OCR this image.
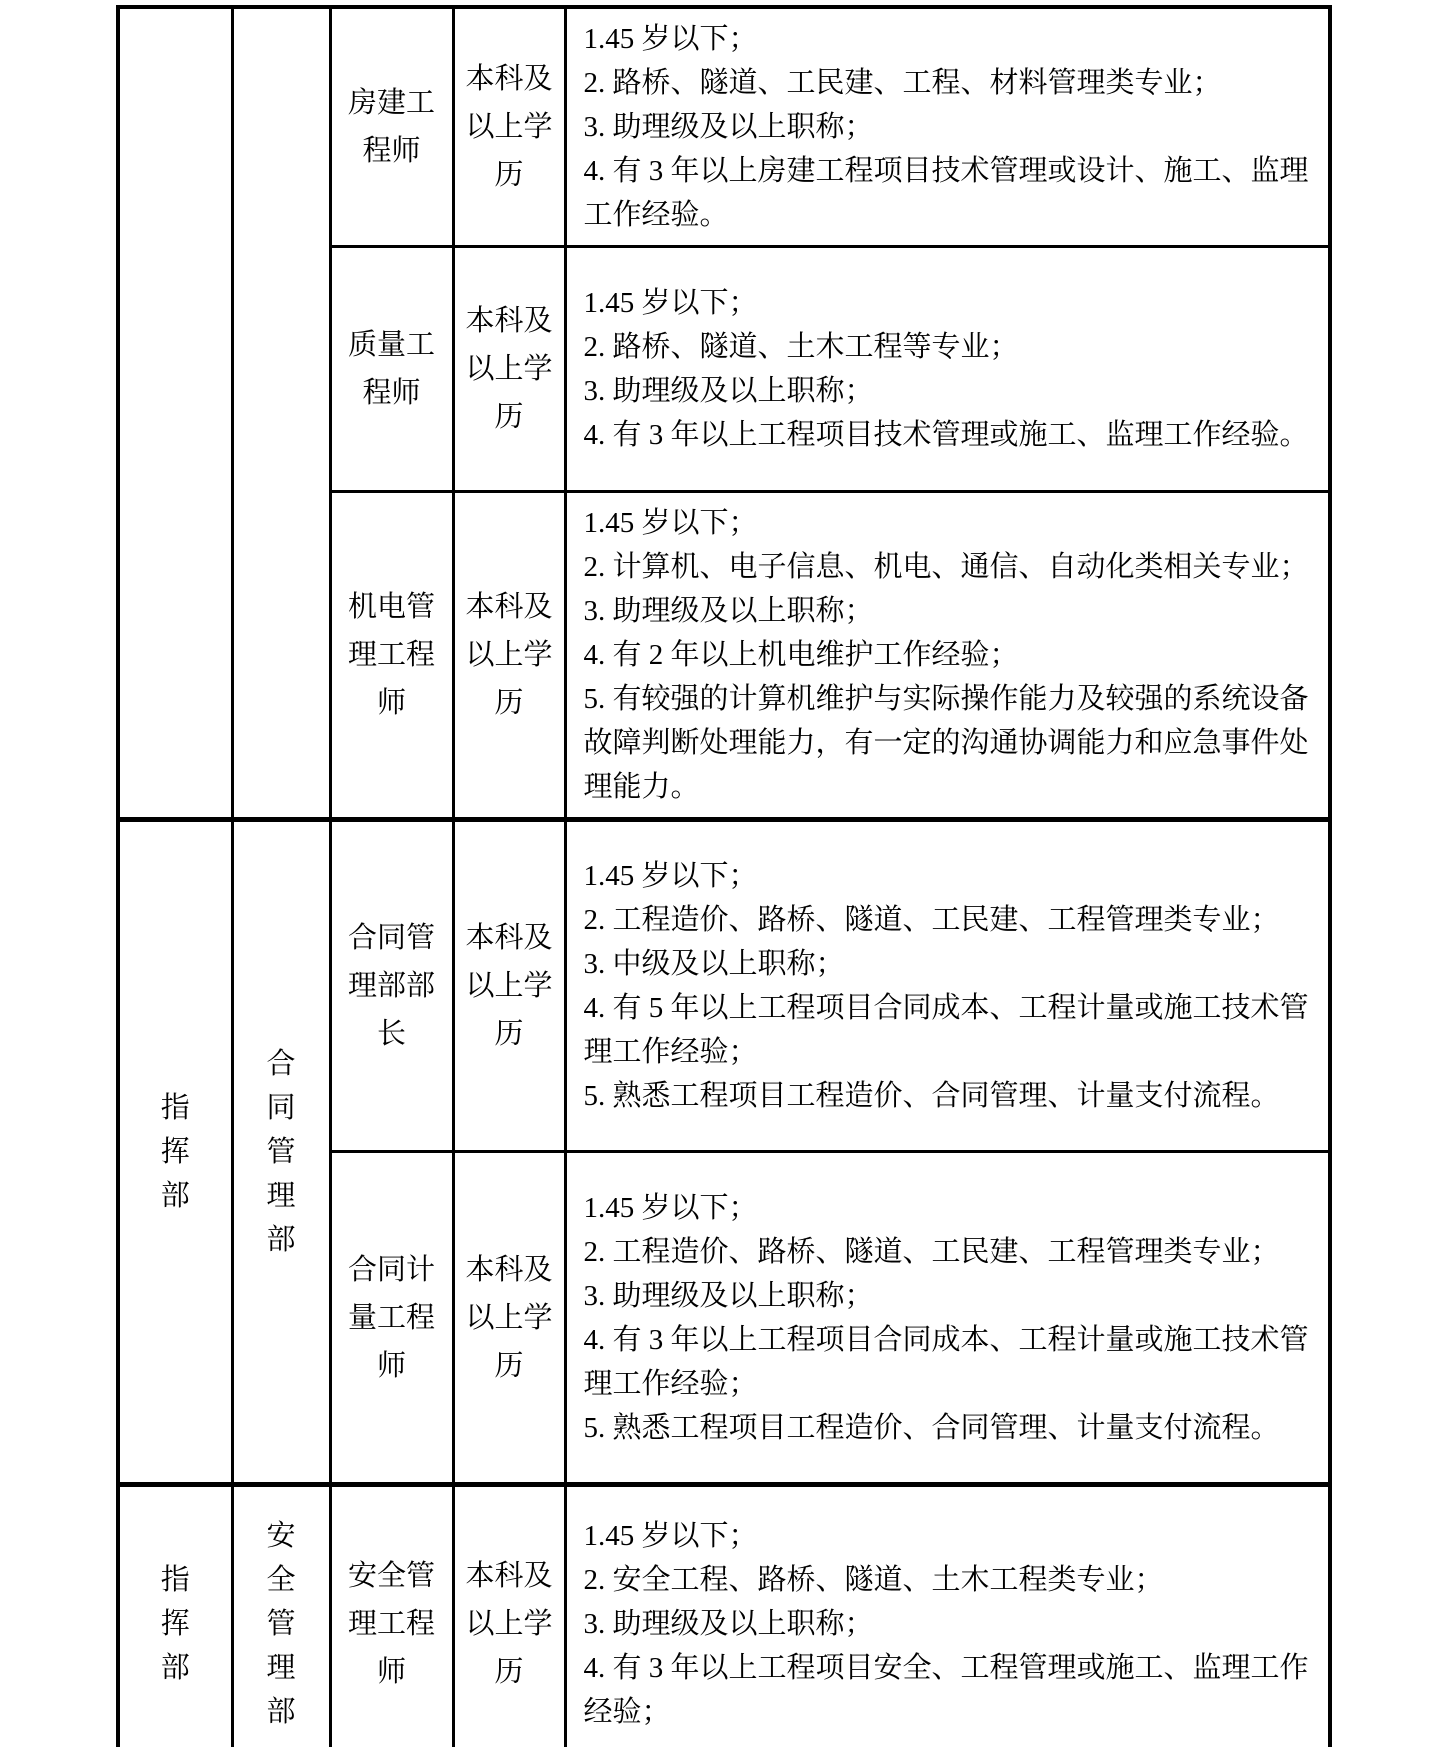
		房建工程师	本科及以上学历	1.45 岁以下；
2. 路桥、隧道、工民建、工程、材料管理类专业；
3. 助理级及以上职称；
4. 有 3 年以上房建工程项目技术管理或设计、施工、监理工作经验。

		质量工程师	本科及以上学历	1.45 岁以下；
2. 路桥、隧道、土木工程等专业；
3. 助理级及以上职称；
4. 有 3 年以上工程项目技术管理或施工、监理工作经验。

		机电管理工程师	本科及以上学历	1.45 岁以下；
2. 计算机、电子信息、机电、通信、自动化类相关专业；
3. 助理级及以上职称；
4. 有 2 年以上机电维护工作经验；
5. 有较强的计算机维护与实际操作能力及较强的系统设备故障判断处理能力，有一定的沟通协调能力和应急事件处理能力。

指挥部	合同管理部	合同管理部部长	本科及以上学历	1.45 岁以下；
2. 工程造价、路桥、隧道、工民建、工程管理类专业；
3. 中级及以上职称；
4. 有 5 年以上工程项目合同成本、工程计量或施工技术管理工作经验；
5. 熟悉工程项目工程造价、合同管理、计量支付流程。

		合同计量工程师	本科及以上学历	1.45 岁以下；
2. 工程造价、路桥、隧道、工民建、工程管理类专业；
3. 助理级及以上职称；
4. 有 3 年以上工程项目合同成本、工程计量或施工技术管理工作经验；
5. 熟悉工程项目工程造价、合同管理、计量支付流程。

指挥部	安全管理部	安全管理工程师	本科及以上学历	1.45 岁以下；
2. 安全工程、路桥、隧道、土木工程类专业；
3. 助理级及以上职称；
4. 有 3 年以上工程项目安全、工程管理或施工、监理工作经验；
